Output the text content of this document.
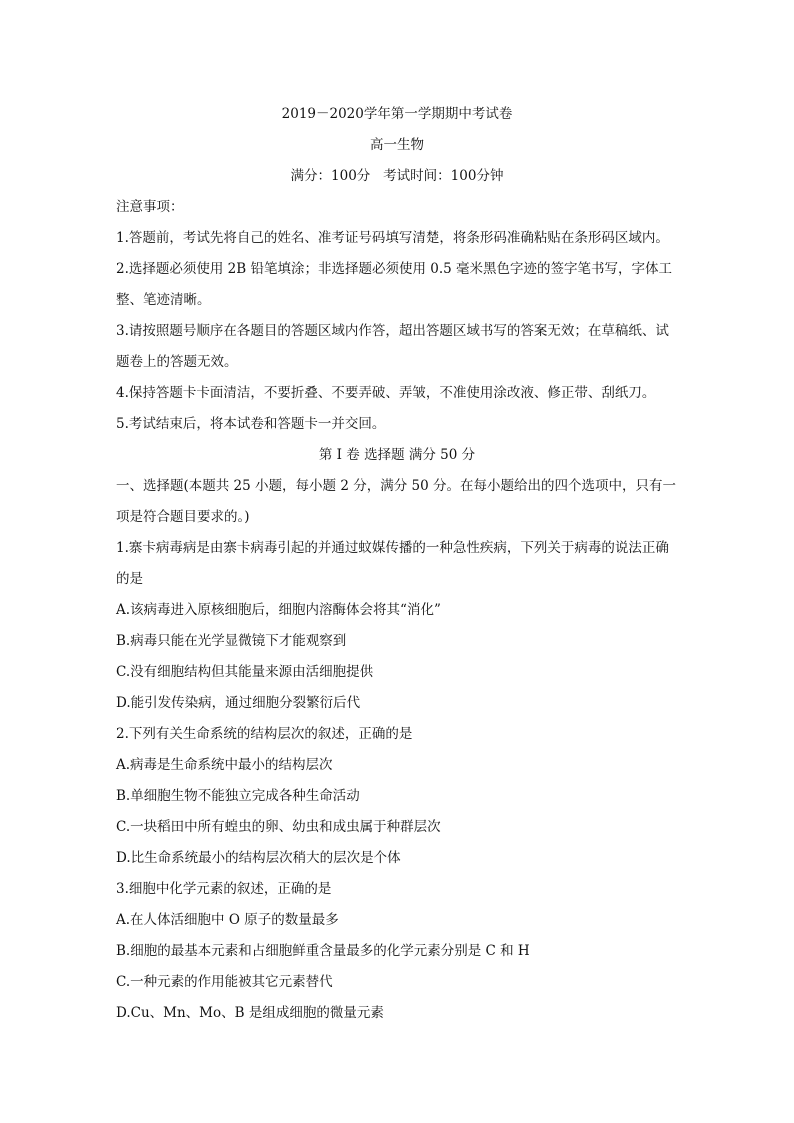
2019－2020学年第一学期期中考试卷
高一生物
满分：100分   考试时间：100分钟
注意事项：
1.答题前，考试先将自己的姓名、准考证号码填写清楚，将条形码准确粘贴在条形码区域内。
2.选择题必须使用 2B 铅笔填涂；非选择题必须使用 0.5 毫米黑色字迹的签字笔书写，字体工
整、笔迹清晰。
3.请按照题号顺序在各题目的答题区域内作答，超出答题区域书写的答案无效；在草稿纸、试
题卷上的答题无效。
4.保持答题卡卡面清洁，不要折叠、不要弄破、弄皱，不准使用涂改液、修正带、刮纸刀。
5.考试结束后，将本试卷和答题卡一并交回。
第 I 卷 选择题 满分 50 分
一、选择题(本题共 25 小题，每小题 2 分，满分 50 分。在每小题给出的四个选项中，只有一
项是符合题目要求的。)
1.寨卡病毒病是由寨卡病毒引起的并通过蚊媒传播的一种急性疾病，下列关于病毒的说法正确
的是
A.该病毒进入原核细胞后，细胞内溶酶体会将其“消化”
B.病毒只能在光学显微镜下才能观察到
C.没有细胞结构但其能量来源由活细胞提供
D.能引发传染病，通过细胞分裂繁衍后代
2.下列有关生命系统的结构层次的叙述，正确的是
A.病毒是生命系统中最小的结构层次
B.单细胞生物不能独立完成各种生命活动
C.一块稻田中所有蝗虫的卵、幼虫和成虫属于种群层次
D.比生命系统最小的结构层次稍大的层次是个体
3.细胞中化学元素的叙述，正确的是
A.在人体活细胞中 O 原子的数量最多
B.细胞的最基本元素和占细胞鲜重含量最多的化学元素分别是 C 和 H
C.一种元素的作用能被其它元素替代
D.Cu、Mn、Mo、B 是组成细胞的微量元素
